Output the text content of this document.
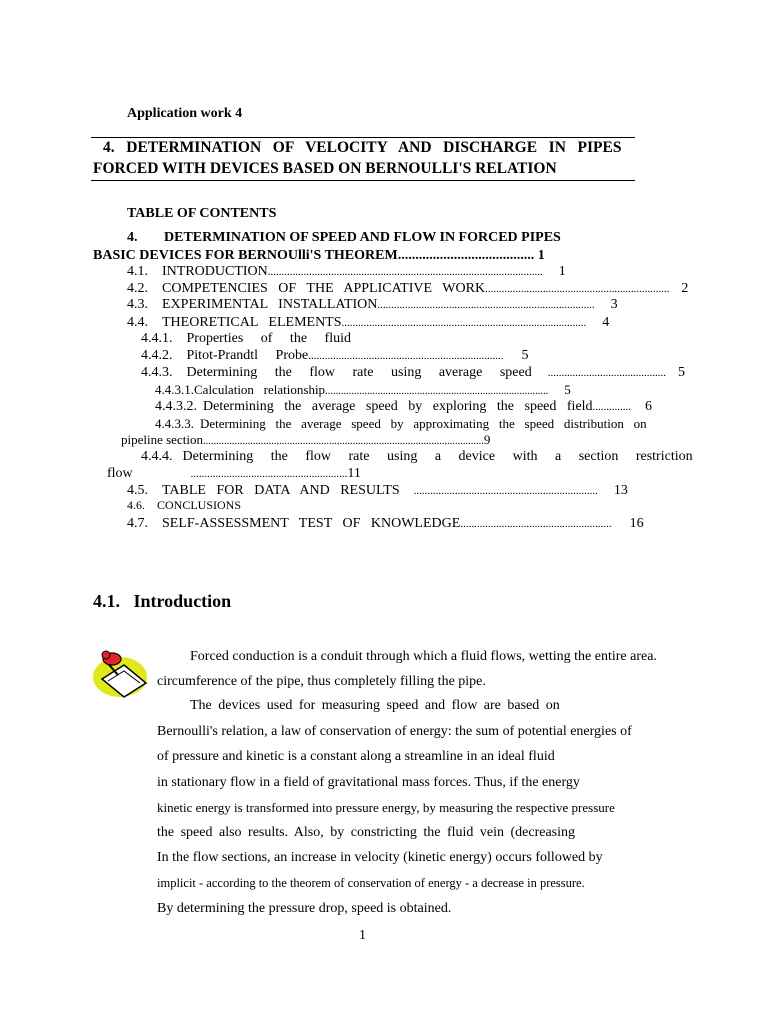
Application work 4
4.   DETERMINATION   OF   VELOCITY   AND   DISCHARGE   IN   PIPES
FORCED WITH DEVICES BASED ON BERNOULLI'S RELATION
TABLE OF CONTENTS
4. DETERMINATION OF SPEED AND FLOW IN FORCED PIPES
BASIC DEVICES FOR BERNOUlli'S THEOREM....................................... 1
4.1. INTRODUCTION.................................................................................................... 1
4.2. COMPETENCIES   OF   THE   APPLICATIVE   WORK................................................................... 2
4.3. EXPERIMENTAL   INSTALLATION............................................................................... 3
4.4. THEORETICAL   ELEMENTS......................................................................................... 4
4.4.1. Properties     of     the     fluid
4.4.2. Pitot-Prandtl     Probe....................................................................... 5
4.4.3. Determining     the     flow     rate     using     average     speed ........................................... 5
4.4.3.1.Calculation   relationship..................................................................................... 5
4.4.3.2. Determining   the   average   speed   by   exploring   the   speed   field.............. 6
4.4.3.3. Determining   the   average   speed   by   approximating   the   speed   distribution   on
pipeline section...........................................................................................................9
4.4.4. Determining     the     flow     rate     using     a     device     with     a     section     restriction
flow	.........................................................11
4.5. TABLE   FOR   DATA   AND   RESULTS ................................................................... 13
4.6. CONCLUSIONS
4.7. SELF-ASSESSMENT   TEST   OF   KNOWLEDGE....................................................... 16
4.1.   Introduction
Forced conduction is a conduit through which a fluid flows, wetting the entire area.
circumference of the pipe, thus completely filling the pipe.
The devices used for measuring speed and flow are based on
Bernoulli's relation, a law of conservation of energy: the sum of potential energies of
of pressure and kinetic is a constant along a streamline in an ideal fluid
in stationary flow in a field of gravitational mass forces. Thus, if the energy
kinetic energy is transformed into pressure energy, by measuring the respective pressure
the speed also results. Also, by constricting the fluid vein (decreasing
In the flow sections, an increase in velocity (kinetic energy) occurs followed by
implicit - according to the theorem of conservation of energy - a decrease in pressure.
By determining the pressure drop, speed is obtained.
1
